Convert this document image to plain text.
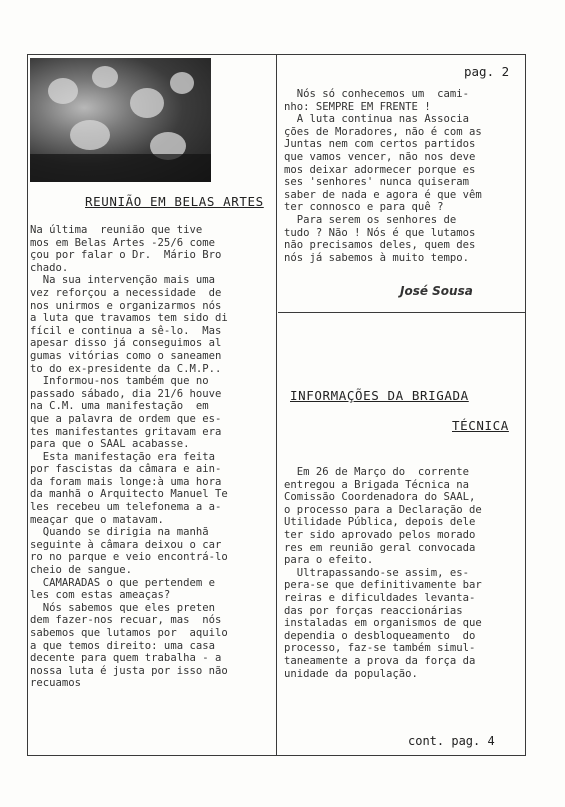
pag. 2
REUNIÃO EM BELAS ARTES

Na última  reunião que tive

mos em Belas Artes -25/6 come

çou por falar o Dr.  Mário Bro

chado.

Na sua intervenção mais uma

vez reforçou a necessidade  de

nos unirmos e organizarmos nós

a luta que travamos tem sido di

fícil e continua a sê-lo.  Mas

apesar disso já conseguimos al

gumas vitórias como o saneamen

to do ex-presidente da C.M.P..

Informou-nos também que no

passado sábado, dia 21/6 houve

na C.M. uma manifestação  em

que a palavra de ordem que es-

tes manifestantes gritavam era

para que o SAAL acabasse.

Esta manifestação era feita

por fascistas da câmara e ain-

da foram mais longe:à uma hora

da manhã o Arquitecto Manuel Te

les recebeu um telefonema a a-

meaçar que o matavam.

Quando se dirigia na manhã

seguinte à câmara deixou o car

ro no parque e veio encontrá-lo

cheio de sangue.

CAMARADAS o que pertendem e

les com estas ameaças?

Nós sabemos que eles preten

dem fazer-nos recuar, mas  nós

sabemos que lutamos por  aquilo

a que temos direito: uma casa

decente para quem trabalha - a

nossa luta é justa por isso não

recuamos

Nós só conhecemos um  cami-

nho: SEMPRE EM FRENTE !

A luta continua nas Associa

ções de Moradores, não é com as

Juntas nem com certos partidos

que vamos vencer, não nos deve

mos deixar adormecer porque es

ses 'senhores' nunca quiseram

saber de nada e agora é que vêm

ter connosco e para quê ?

Para serem os senhores de

tudo ? Não ! Nós é que lutamos

não precisamos deles, quem des

nós já sabemos à muito tempo.

José Sousa
INFORMAÇÕES DA BRIGADA
TÉCNICA

Em 26 de Março do  corrente

entregou a Brigada Técnica na

Comissão Coordenadora do SAAL,

o processo para a Declaração de

Utilidade Pública, depois dele

ter sido aprovado pelos morado

res em reunião geral convocada

para o efeito.

Ultrapassando-se assim, es-

pera-se que definitivamente bar

reiras e dificuldades levanta-

das por forças reaccionárias

instaladas em organismos de que

dependia o desbloqueamento  do

processo, faz-se também simul-

taneamente a prova da força da

unidade da população.

cont. pag. 4
